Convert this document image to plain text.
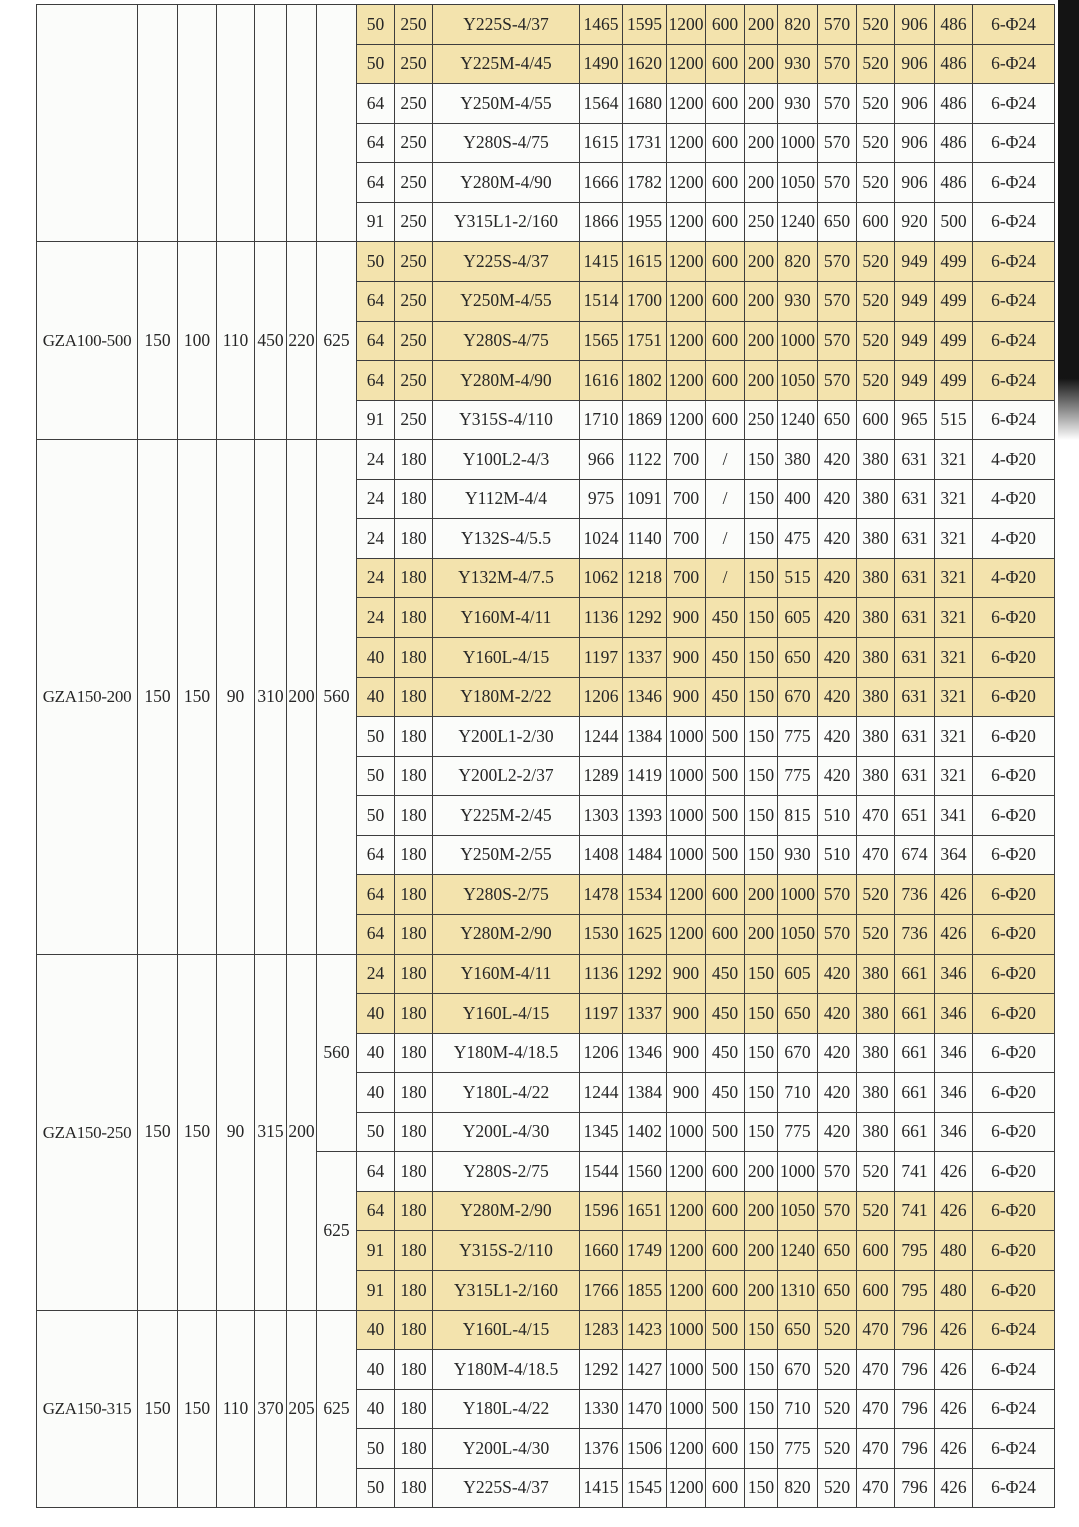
							50	250	Y225S-4/37	1465	1595	1200	600	200	820	570	520	906	486	6-Φ24
							50	250	Y225M-4/45	1490	1620	1200	600	200	930	570	520	906	486	6-Φ24
							64	250	Y250M-4/55	1564	1680	1200	600	200	930	570	520	906	486	6-Φ24
							64	250	Y280S-4/75	1615	1731	1200	600	200	1000	570	520	906	486	6-Φ24
							64	250	Y280M-4/90	1666	1782	1200	600	200	1050	570	520	906	486	6-Φ24
							91	250	Y315L1-2/160	1866	1955	1200	600	250	1240	650	600	920	500	6-Φ24
GZA100-500	150	100	110	450	220	625	50	250	Y225S-4/37	1415	1615	1200	600	200	820	570	520	949	499	6-Φ24
							64	250	Y250M-4/55	1514	1700	1200	600	200	930	570	520	949	499	6-Φ24
							64	250	Y280S-4/75	1565	1751	1200	600	200	1000	570	520	949	499	6-Φ24
							64	250	Y280M-4/90	1616	1802	1200	600	200	1050	570	520	949	499	6-Φ24
							91	250	Y315S-4/110	1710	1869	1200	600	250	1240	650	600	965	515	6-Φ24
GZA150-200	150	150	90	310	200	560	24	180	Y100L2-4/3	966	1122	700	/	150	380	420	380	631	321	4-Φ20
							24	180	Y112M-4/4	975	1091	700	/	150	400	420	380	631	321	4-Φ20
							24	180	Y132S-4/5.5	1024	1140	700	/	150	475	420	380	631	321	4-Φ20
							24	180	Y132M-4/7.5	1062	1218	700	/	150	515	420	380	631	321	4-Φ20
							24	180	Y160M-4/11	1136	1292	900	450	150	605	420	380	631	321	6-Φ20
							40	180	Y160L-4/15	1197	1337	900	450	150	650	420	380	631	321	6-Φ20
							40	180	Y180M-2/22	1206	1346	900	450	150	670	420	380	631	321	6-Φ20
							50	180	Y200L1-2/30	1244	1384	1000	500	150	775	420	380	631	321	6-Φ20
							50	180	Y200L2-2/37	1289	1419	1000	500	150	775	420	380	631	321	6-Φ20
							50	180	Y225M-2/45	1303	1393	1000	500	150	815	510	470	651	341	6-Φ20
							64	180	Y250M-2/55	1408	1484	1000	500	150	930	510	470	674	364	6-Φ20
							64	180	Y280S-2/75	1478	1534	1200	600	200	1000	570	520	736	426	6-Φ20
							64	180	Y280M-2/90	1530	1625	1200	600	200	1050	570	520	736	426	6-Φ20
GZA150-250	150	150	90	315	200	560	24	180	Y160M-4/11	1136	1292	900	450	150	605	420	380	661	346	6-Φ20
							40	180	Y160L-4/15	1197	1337	900	450	150	650	420	380	661	346	6-Φ20
							40	180	Y180M-4/18.5	1206	1346	900	450	150	670	420	380	661	346	6-Φ20
							40	180	Y180L-4/22	1244	1384	900	450	150	710	420	380	661	346	6-Φ20
							50	180	Y200L-4/30	1345	1402	1000	500	150	775	420	380	661	346	6-Φ20
						625	64	180	Y280S-2/75	1544	1560	1200	600	200	1000	570	520	741	426	6-Φ20
							64	180	Y280M-2/90	1596	1651	1200	600	200	1050	570	520	741	426	6-Φ20
							91	180	Y315S-2/110	1660	1749	1200	600	200	1240	650	600	795	480	6-Φ20
							91	180	Y315L1-2/160	1766	1855	1200	600	200	1310	650	600	795	480	6-Φ20
GZA150-315	150	150	110	370	205	625	40	180	Y160L-4/15	1283	1423	1000	500	150	650	520	470	796	426	6-Φ24
							40	180	Y180M-4/18.5	1292	1427	1000	500	150	670	520	470	796	426	6-Φ24
							40	180	Y180L-4/22	1330	1470	1000	500	150	710	520	470	796	426	6-Φ24
							50	180	Y200L-4/30	1376	1506	1200	600	150	775	520	470	796	426	6-Φ24
							50	180	Y225S-4/37	1415	1545	1200	600	150	820	520	470	796	426	6-Φ24
